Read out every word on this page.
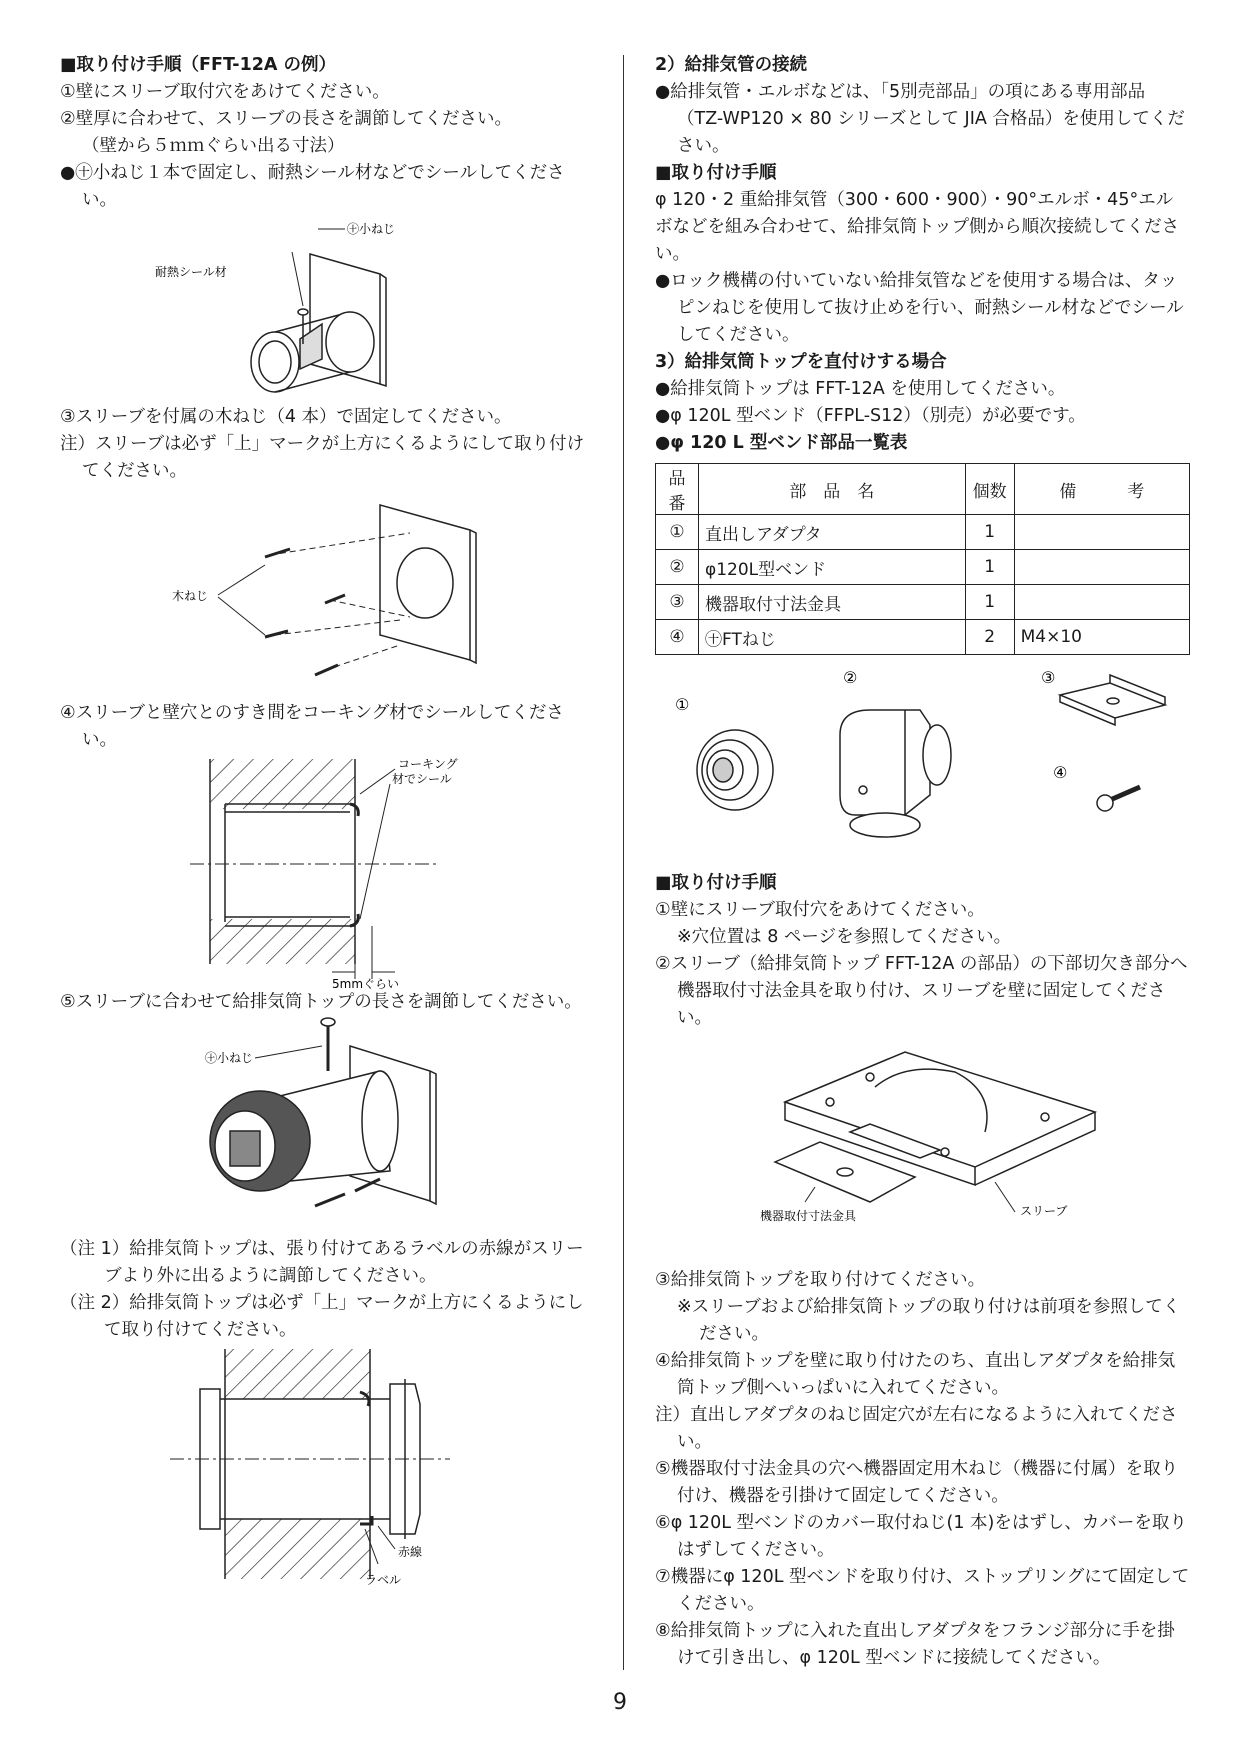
■取り付け手順（FFT-12A の例）

①壁にスリーブ取付穴をあけてください。

②壁厚に合わせて、スリーブの長さを調節してください。

（壁から５ｍｍぐらい出る寸法）

●㊉小ねじ１本で固定し、耐熱シール材などでシールしてください。

㊉小ねじ
耐熱シール材

③スリーブを付属の木ねじ（4 本）で固定してください。

注）スリーブは必ず「上」マークが上方にくるようにして取り付けてください。

木ねじ

④スリーブと壁穴とのすき間をコーキング材でシールしてください。

コーキング
材でシール
5mmぐらい

⑤スリーブに合わせて給排気筒トップの長さを調節してください。

㊉小ねじ

（注 1）給排気筒トップは、張り付けてあるラベルの赤線がスリーブより外に出るように調節してください。

（注 2）給排気筒トップは必ず「上」マークが上方にくるようにして取り付けてください。

赤線
ラベル

2）給排気管の接続

●給排気管・エルボなどは、「5別売部品」の項にある専用部品（TZ-WP120 × 80 シリーズとして JIA 合格品）を使用してください。

■取り付け手順

φ 120・2 重給排気管（300・600・900）・90°エルボ・45°エルボなどを組み合わせて、給排気筒トップ側から順次接続してください。

●ロック機構の付いていない給排気管などを使用する場合は、タッピンねじを使用して抜け止めを行い、耐熱シール材などでシールしてください。

3）給排気筒トップを直付けする場合

●給排気筒トップは FFT-12A を使用してください。

●φ 120L 型ベンド（FFPL-S12）（別売）が必要です。

●φ 120 L 型ベンド部品一覧表

品番	部　品　名	個数	備　　　考
①	直出しアダプタ	1	
②	φ120L型ベンド	1	
③	機器取付寸法金具	1	
④	㊉FTねじ	2	M4×10
①
②	③
④

■取り付け手順

①壁にスリーブ取付穴をあけてください。

※穴位置は 8 ページを参照してください。

②スリーブ（給排気筒トップ FFT-12A の部品）の下部切欠き部分へ機器取付寸法金具を取り付け、スリーブを壁に固定してください。

スリーブ
機器取付寸法金具

③給排気筒トップを取り付けてください。

※スリーブおよび給排気筒トップの取り付けは前項を参照してください。

④給排気筒トップを壁に取り付けたのち、直出しアダプタを給排気筒トップ側へいっぱいに入れてください。

注）直出しアダプタのねじ固定穴が左右になるように入れてください。

⑤機器取付寸法金具の穴へ機器固定用木ねじ（機器に付属）を取り付け、機器を引掛けて固定してください。

⑥φ 120L 型ベンドのカバー取付ねじ(1 本)をはずし、カバーを取りはずしてください。

⑦機器にφ 120L 型ベンドを取り付け、ストップリングにて固定してください。

⑧給排気筒トップに入れた直出しアダプタをフランジ部分に手を掛けて引き出し、φ 120L 型ベンドに接続してください。

9
